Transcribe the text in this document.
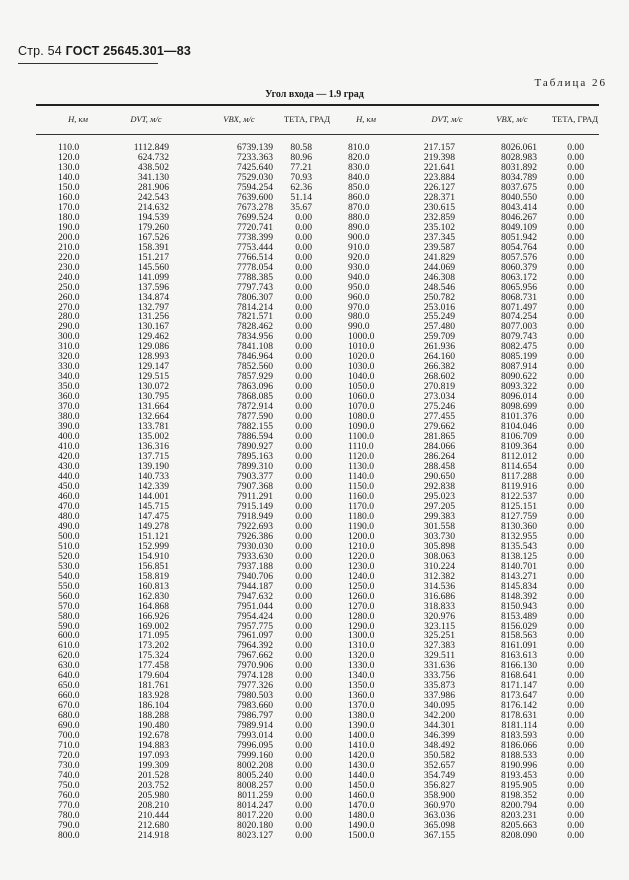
Стр. 54 ГОСТ 25645.301—83
Таблица 26
Угол входа — 1.9 град
H, км	DVT, м/с	VBX, м/с	ТЕТА, ГРАД	H, км	DVT, м/с	VBX, м/с	ТЕТА, ГРАД
110.0	1112.849	6739.139	80.58	810.0	217.157	8026.061	0.00
120.0	624.732	7233.363	80.96	820.0	219.398	8028.983	0.00
130.0	438.502	7425.640	77.21	830.0	221.641	8031.892	0.00
140.0	341.130	7529.030	70.93	840.0	223.884	8034.789	0.00
150.0	281.906	7594.254	62.36	850.0	226.127	8037.675	0.00
160.0	242.543	7639.600	51.14	860.0	228.371	8040.550	0.00
170.0	214.632	7673.278	35.67	870.0	230.615	8043.414	0.00
180.0	194.539	7699.524	0.00	880.0	232.859	8046.267	0.00
190.0	179.260	7720.741	0.00	890.0	235.102	8049.109	0.00
200.0	167.526	7738.399	0.00	900.0	237.345	8051.942	0.00
210.0	158.391	7753.444	0.00	910.0	239.587	8054.764	0.00
220.0	151.217	7766.514	0.00	920.0	241.829	8057.576	0.00
230.0	145.560	7778.054	0.00	930.0	244.069	8060.379	0.00
240.0	141.099	7788.385	0.00	940.0	246.308	8063.172	0.00
250.0	137.596	7797.743	0.00	950.0	248.546	8065.956	0.00
260.0	134.874	7806.307	0.00	960.0	250.782	8068.731	0.00
270.0	132.797	7814.214	0.00	970.0	253.016	8071.497	0.00
280.0	131.256	7821.571	0.00	980.0	255.249	8074.254	0.00
290.0	130.167	7828.462	0.00	990.0	257.480	8077.003	0.00
300.0	129.462	7834.956	0.00	1000.0	259.709	8079.743	0.00
310.0	129.086	7841.108	0.00	1010.0	261.936	8082.475	0.00
320.0	128.993	7846.964	0.00	1020.0	264.160	8085.199	0.00
330.0	129.147	7852.560	0.00	1030.0	266.382	8087.914	0.00
340.0	129.515	7857.929	0.00	1040.0	268.602	8090.622	0.00
350.0	130.072	7863.096	0.00	1050.0	270.819	8093.322	0.00
360.0	130.795	7868.085	0.00	1060.0	273.034	8096.014	0.00
370.0	131.664	7872.914	0.00	1070.0	275.246	8098.699	0.00
380.0	132.664	7877.590	0.00	1080.0	277.455	8101.376	0.00
390.0	133.781	7882.155	0.00	1090.0	279.662	8104.046	0.00
400.0	135.002	7886.594	0.00	1100.0	281.865	8106.709	0.00
410.0	136.316	7890.927	0.00	1110.0	284.066	8109.364	0.00
420.0	137.715	7895.163	0.00	1120.0	286.264	8112.012	0.00
430.0	139.190	7899.310	0.00	1130.0	288.458	8114.654	0.00
440.0	140.733	7903.377	0.00	1140.0	290.650	8117.288	0.00
450.0	142.339	7907.368	0.00	1150.0	292.838	8119.916	0.00
460.0	144.001	7911.291	0.00	1160.0	295.023	8122.537	0.00
470.0	145.715	7915.149	0.00	1170.0	297.205	8125.151	0.00
480.0	147.475	7918.949	0.00	1180.0	299.383	8127.759	0.00
490.0	149.278	7922.693	0.00	1190.0	301.558	8130.360	0.00
500.0	151.121	7926.386	0.00	1200.0	303.730	8132.955	0.00
510.0	152.999	7930.030	0.00	1210.0	305.898	8135.543	0.00
520.0	154.910	7933.630	0.00	1220.0	308.063	8138.125	0.00
530.0	156.851	7937.188	0.00	1230.0	310.224	8140.701	0.00
540.0	158.819	7940.706	0.00	1240.0	312.382	8143.271	0.00
550.0	160.813	7944.187	0.00	1250.0	314.536	8145.834	0.00
560.0	162.830	7947.632	0.00	1260.0	316.686	8148.392	0.00
570.0	164.868	7951.044	0.00	1270.0	318.833	8150.943	0.00
580.0	166.926	7954.424	0.00	1280.0	320.976	8153.489	0.00
590.0	169.002	7957.775	0.00	1290.0	323.115	8156.029	0.00
600.0	171.095	7961.097	0.00	1300.0	325.251	8158.563	0.00
610.0	173.202	7964.392	0.00	1310.0	327.383	8161.091	0.00
620.0	175.324	7967.662	0.00	1320.0	329.511	8163.613	0.00
630.0	177.458	7970.906	0.00	1330.0	331.636	8166.130	0.00
640.0	179.604	7974.128	0.00	1340.0	333.756	8168.641	0.00
650.0	181.761	7977.326	0.00	1350.0	335.873	8171.147	0.00
660.0	183.928	7980.503	0.00	1360.0	337.986	8173.647	0.00
670.0	186.104	7983.660	0.00	1370.0	340.095	8176.142	0.00
680.0	188.288	7986.797	0.00	1380.0	342.200	8178.631	0.00
690.0	190.480	7989.914	0.00	1390.0	344.301	8181.114	0.00
700.0	192.678	7993.014	0.00	1400.0	346.399	8183.593	0.00
710.0	194.883	7996.095	0.00	1410.0	348.492	8186.066	0.00
720.0	197.093	7999.160	0.00	1420.0	350.582	8188.533	0.00
730.0	199.309	8002.208	0.00	1430.0	352.657	8190.996	0.00
740.0	201.528	8005.240	0.00	1440.0	354.749	8193.453	0.00
750.0	203.752	8008.257	0.00	1450.0	356.827	8195.905	0.00
760.0	205.980	8011.259	0.00	1460.0	358.900	8198.352	0.00
770.0	208.210	8014.247	0.00	1470.0	360.970	8200.794	0.00
780.0	210.444	8017.220	0.00	1480.0	363.036	8203.231	0.00
790.0	212.680	8020.180	0.00	1490.0	365.098	8205.663	0.00
800.0	214.918	8023.127	0.00	1500.0	367.155	8208.090	0.00
